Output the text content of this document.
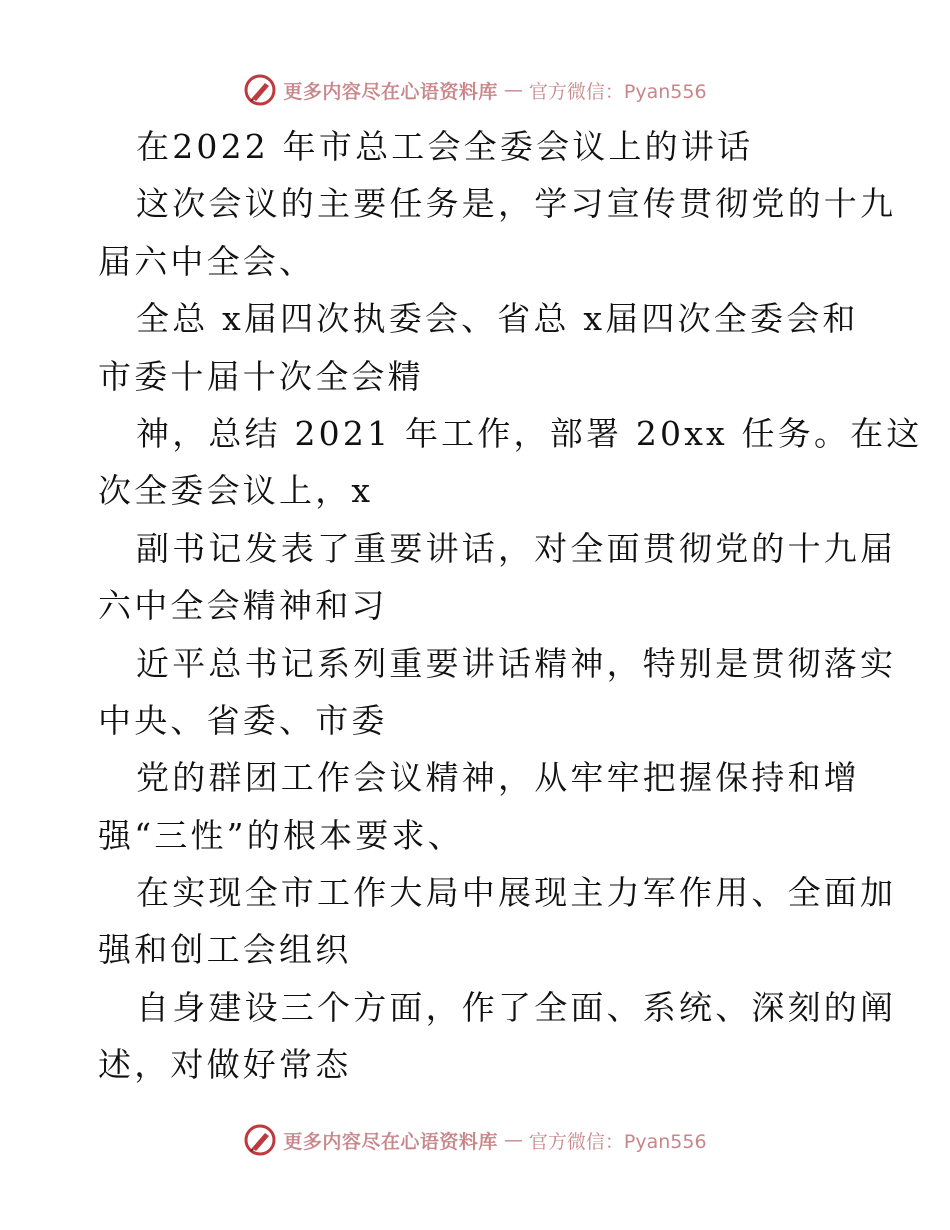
更多内容尽在心语资料库 — 官方微信：Pyan556
在2022 年市总工会全委会议上的讲话
这次会议的主要任务是，学习宣传贯彻党的十九
届六中全会、
全总 x届四次执委会、省总 x届四次全委会和
市委十届十次全会精
神，总结 2021 年工作，部署 20xx 任务。在这
次全委会议上，x
副书记发表了重要讲话，对全面贯彻党的十九届
六中全会精神和习
近平总书记系列重要讲话精神，特别是贯彻落实
中央、省委、市委
党的群团工作会议精神，从牢牢把握保持和增
强“三性”的根本要求、
在实现全市工作大局中展现主力军作用、全面加
强和创工会组织
自身建设三个方面，作了全面、系统、深刻的阐
述，对做好常态
更多内容尽在心语资料库 — 官方微信：Pyan556
